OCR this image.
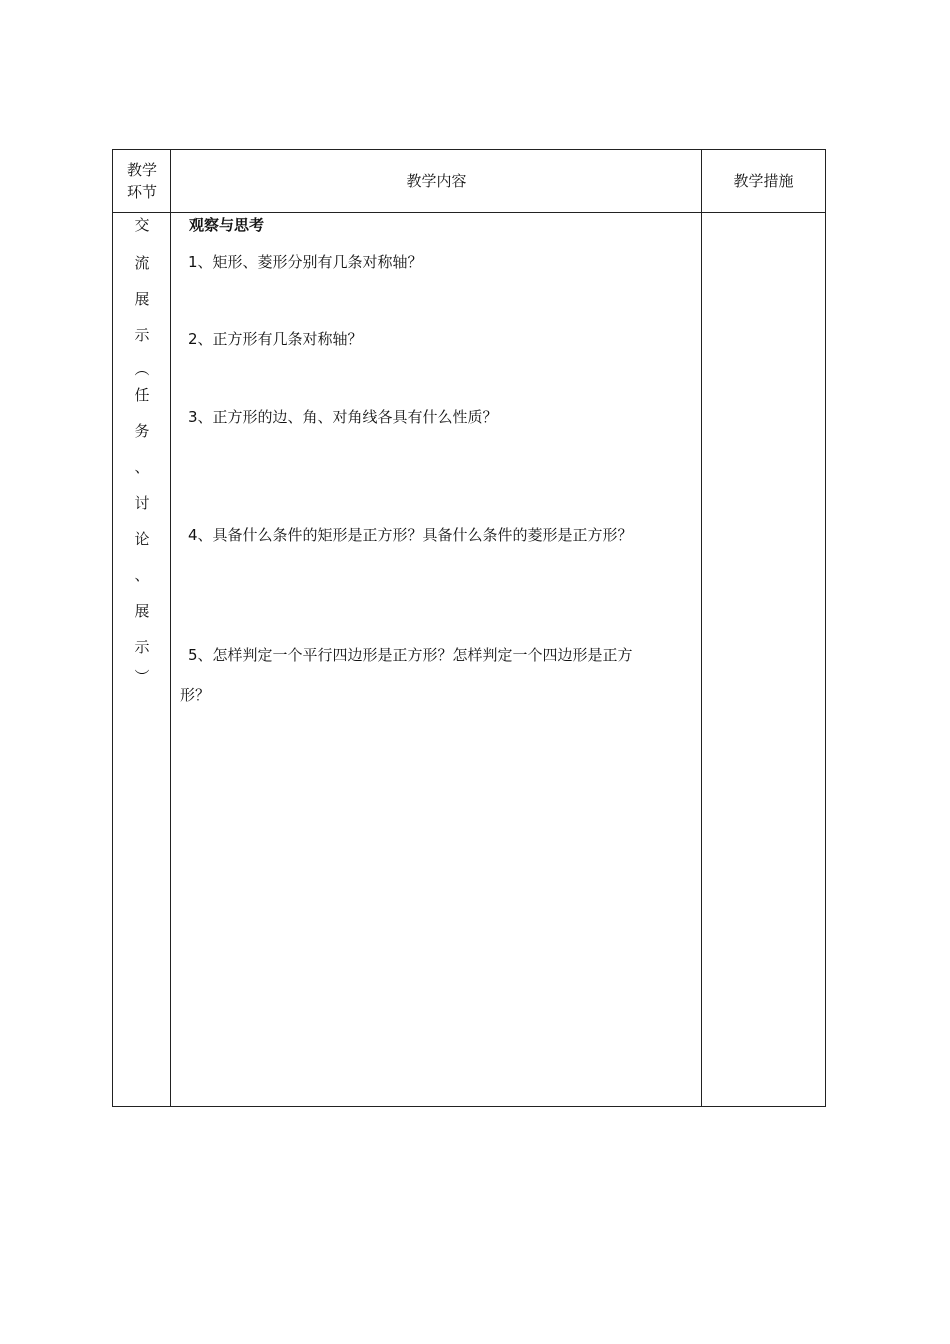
教学
环节
教学内容	教学措施
交
流
展
示
︵
任
务
、
讨
论
、
展
示
︶
观察与思考
1、矩形、菱形分别有几条对称轴？
2、正方形有几条对称轴？
3、正方形的边、角、对角线各具有什么性质？
4、具备什么条件的矩形是正方形？具备什么条件的菱形是正方形？
5、怎样判定一个平行四边形是正方形？怎样判定一个四边形是正方
形？
